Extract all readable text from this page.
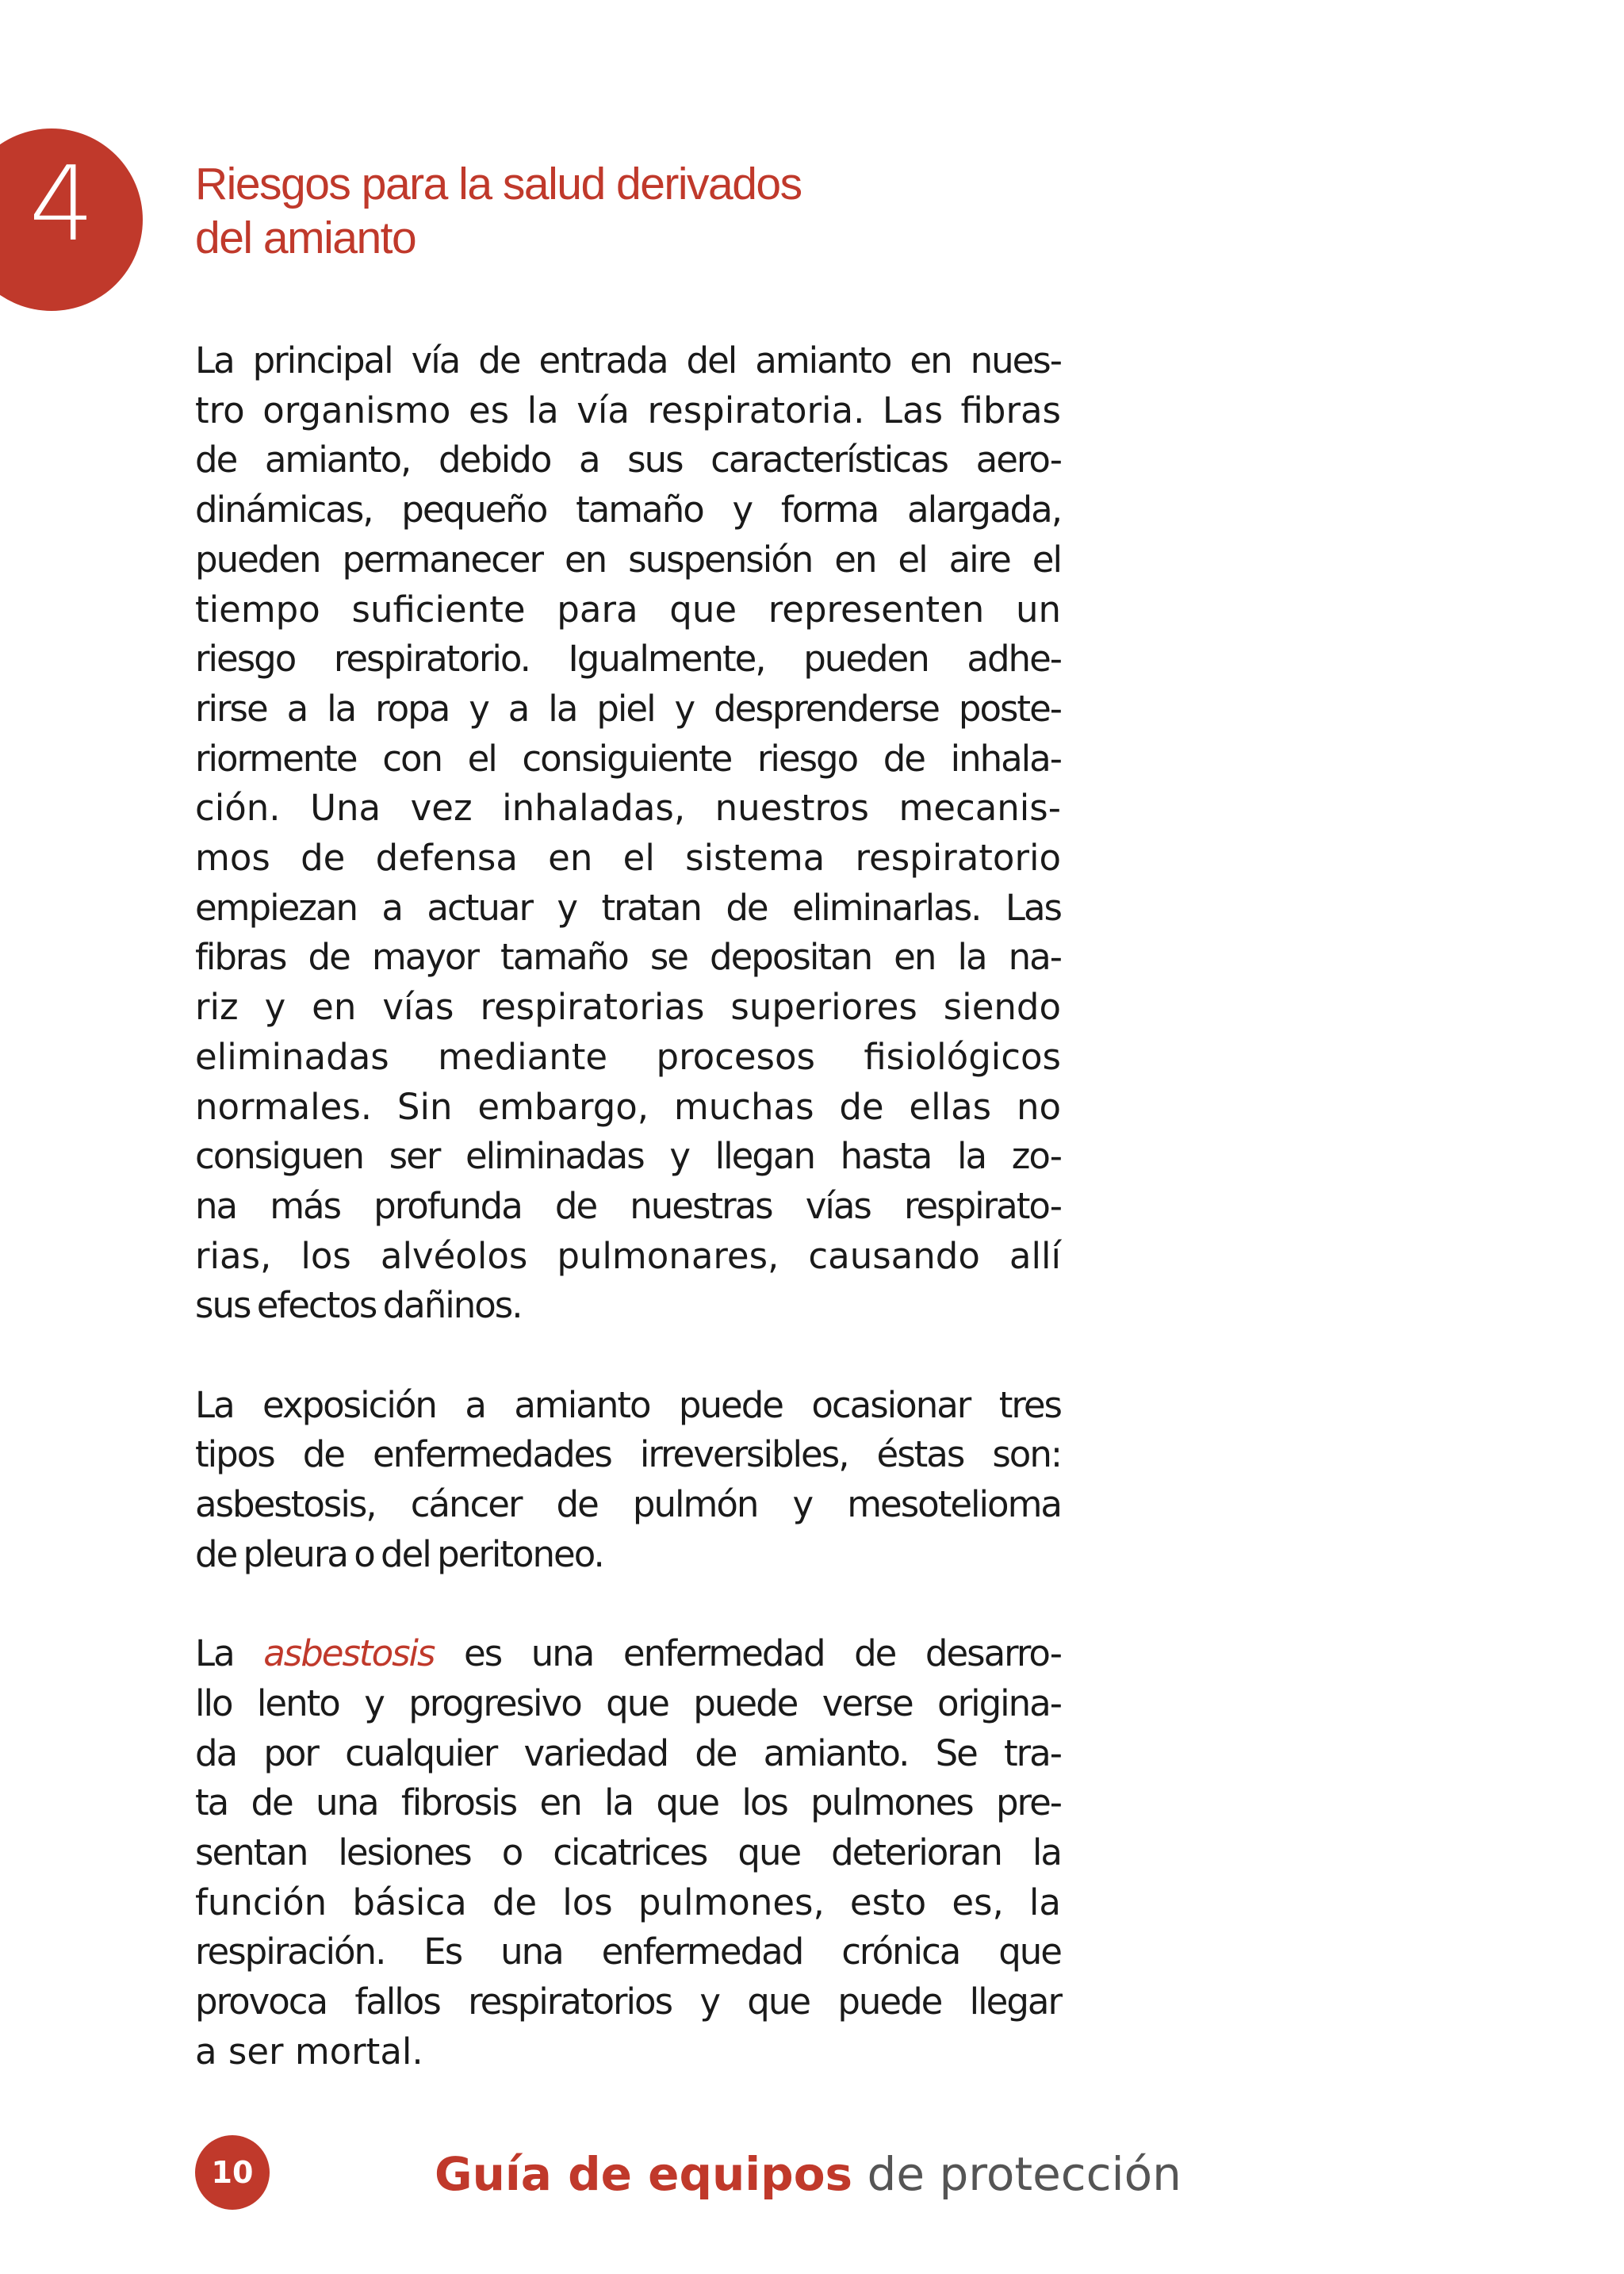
4 Riesgos para la salud derivados
del amianto
La principal vía de entrada del amianto en nues-
tro organismo es la vía respiratoria. Las fibras
de amianto, debido a sus características aero-
dinámicas, pequeño tamaño y forma alargada,
pueden permanecer en suspensión en el aire el
tiempo suficiente para que representen un
riesgo respiratorio. Igualmente, pueden adhe-
rirse a la ropa y a la piel y desprenderse poste-
riormente con el consiguiente riesgo de inhala-
ción. Una vez inhaladas, nuestros mecanis-
mos de defensa en el sistema respiratorio
empiezan a actuar y tratan de eliminarlas. Las
fibras de mayor tamaño se depositan en la na-
riz y en vías respiratorias superiores siendo
eliminadas mediante procesos fisiológicos
normales. Sin embargo, muchas de ellas no
consiguen ser eliminadas y llegan hasta la zo-
na más profunda de nuestras vías respirato-
rias, los alvéolos pulmonares, causando allí
sus efectos dañinos.
La exposición a amianto puede ocasionar tres
tipos de enfermedades irreversibles, éstas son:
asbestosis, cáncer de pulmón y mesotelioma
de pleura o del peritoneo.
La asbestosis es una enfermedad de desarro-
llo lento y progresivo que puede verse origina-
da por cualquier variedad de amianto. Se tra-
ta de una fibrosis en la que los pulmones pre-
sentan lesiones o cicatrices que deterioran la
función básica de los pulmones, esto es, la
respiración. Es una enfermedad crónica que
provoca fallos respiratorios y que puede llegar
a ser mortal.
10	Guía de equipos de protección
